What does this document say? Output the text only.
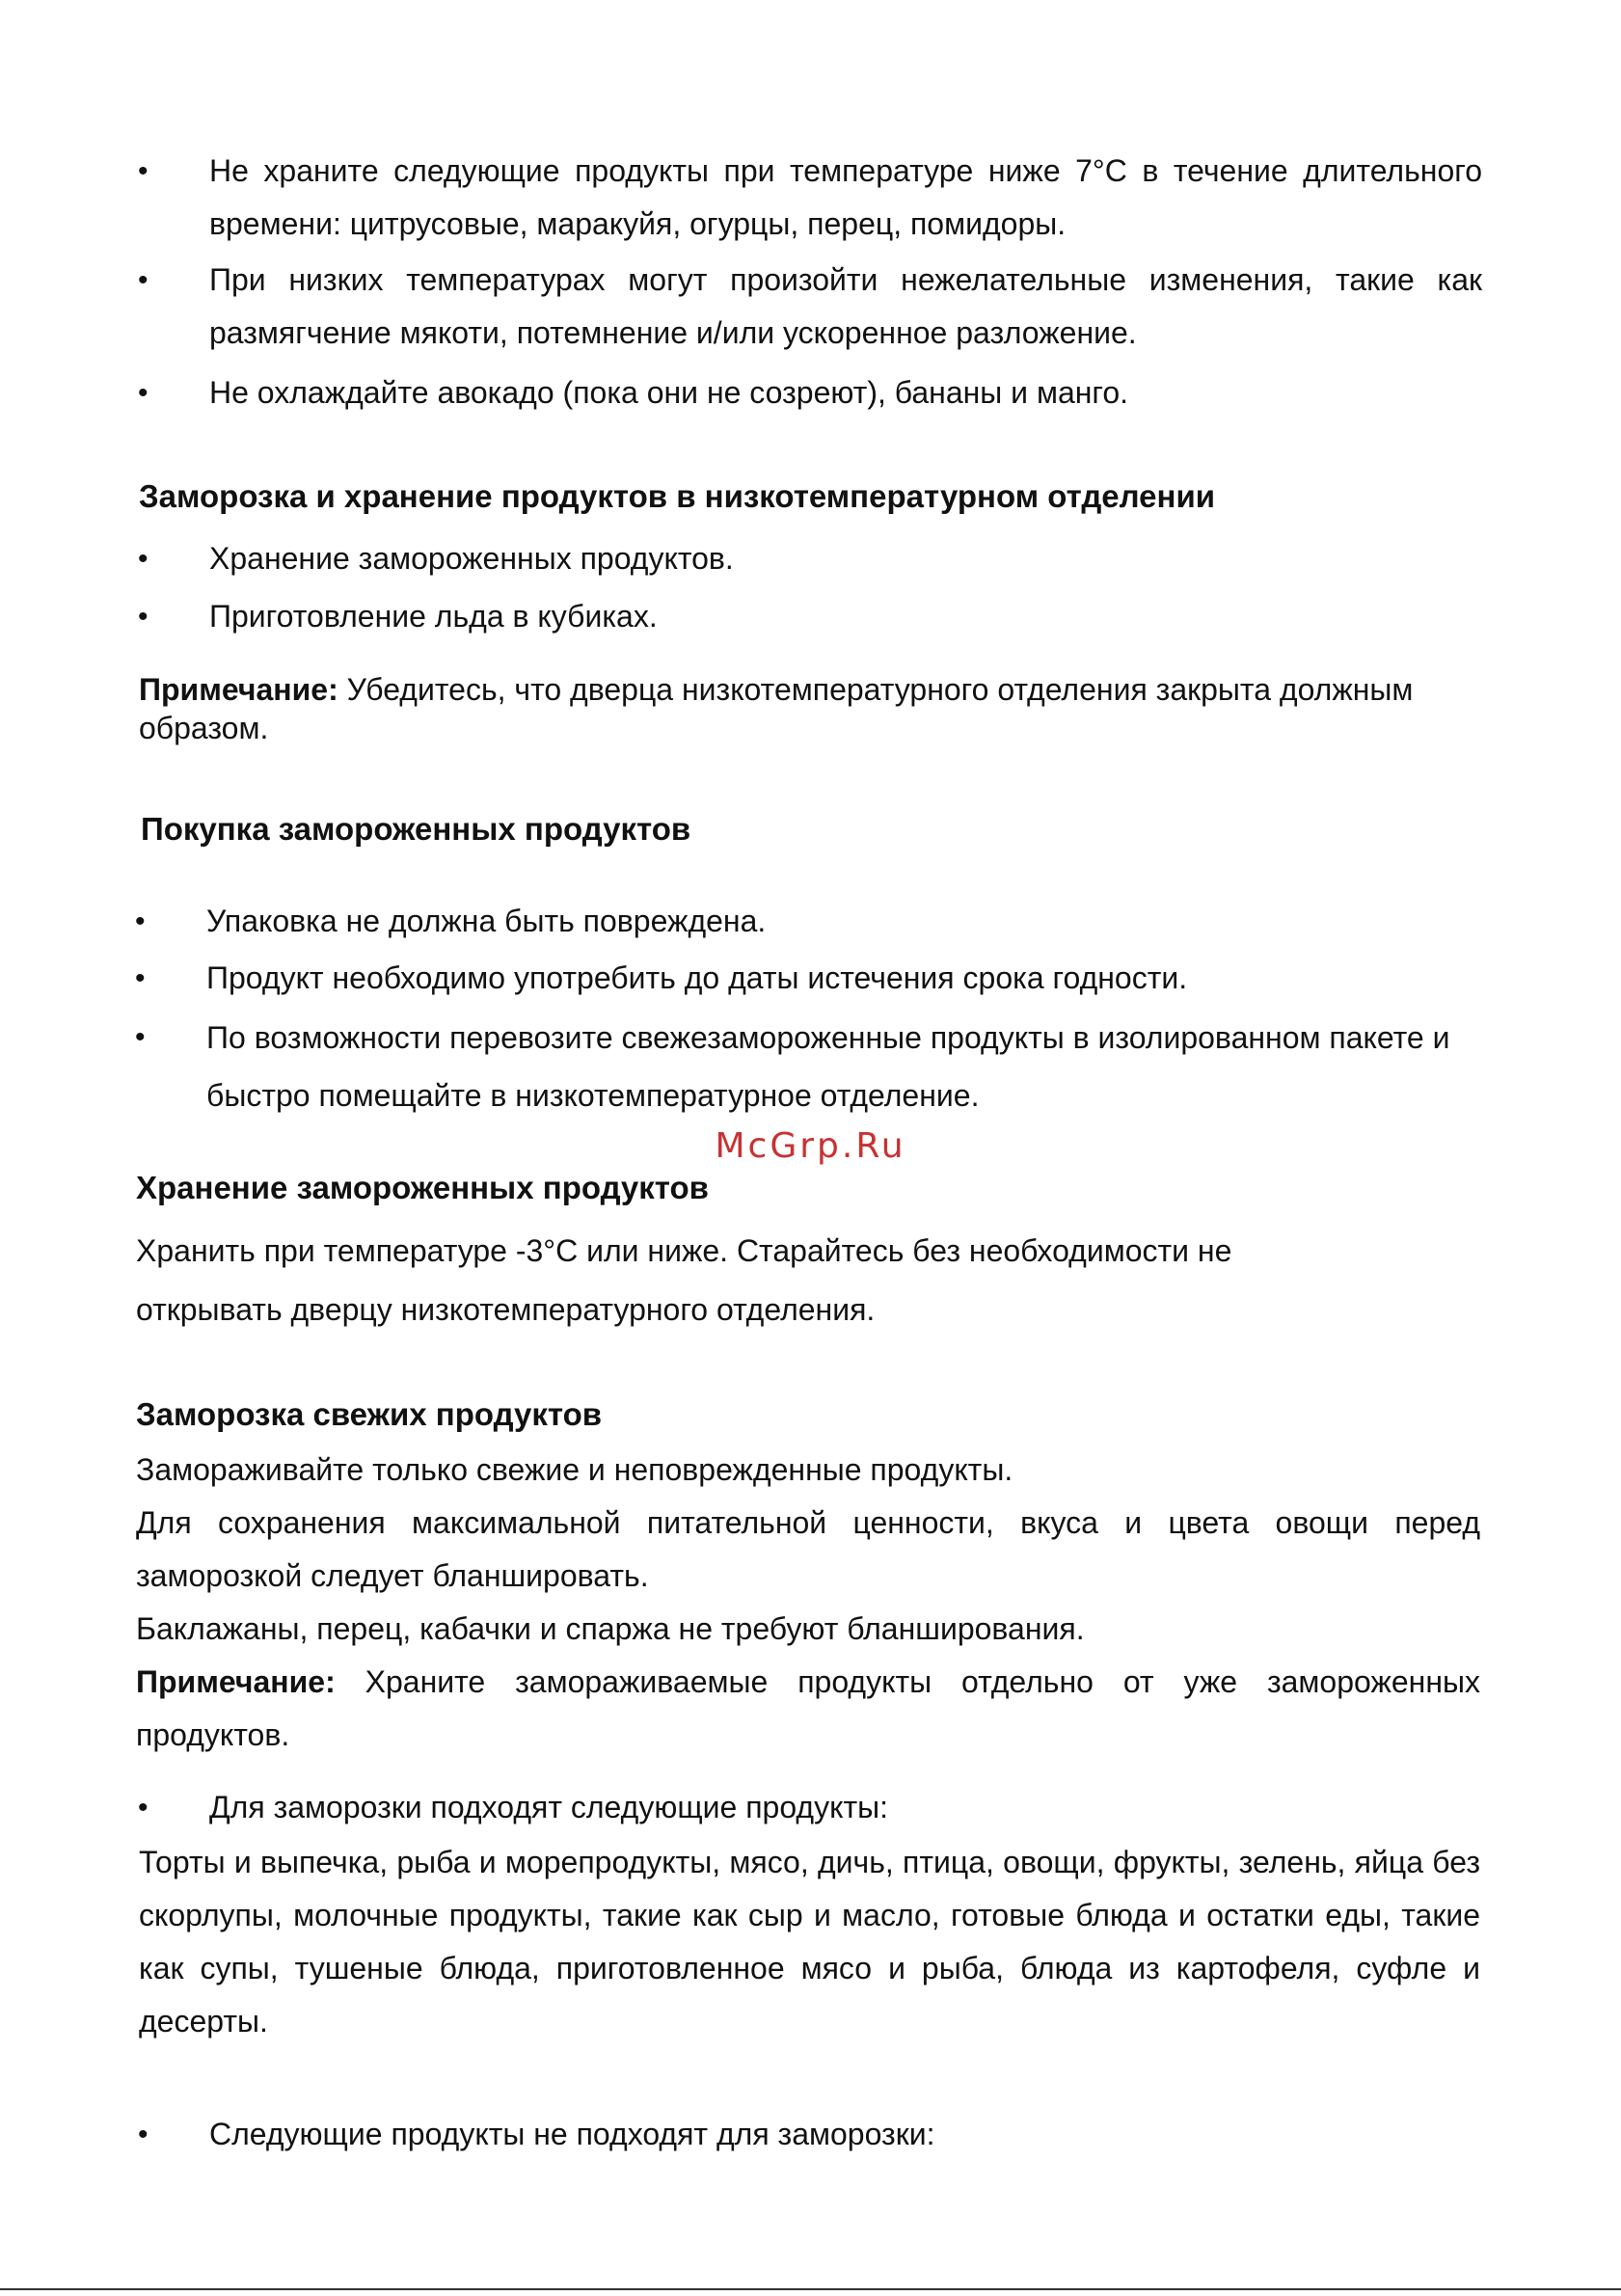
• Не храните следующие продукты при температуре ниже 7°C в течение длительного времени: цитрусовые, маракуйя, огурцы, перец, помидоры.
• При низких температурах могут произойти нежелательные изменения, такие как размягчение мякоти, потемнение и/или ускоренное разложение.
• Не охлаждайте авокадо (пока они не созреют), бананы и манго.
Заморозка и хранение продуктов в низкотемпературном отделении
• Хранение замороженных продуктов.
• Приготовление льда в кубиках.

Примечание: Убедитесь, что дверца низкотемпературного отделения закрыта должным образом.

Покупка замороженных продуктов
• Упаковка не должна быть повреждена.
• Продукт необходимо употребить до даты истечения срока годности.
• По возможности перевозите свежезамороженные продукты в изолированном пакете и быстро помещайте в низкотемпературное отделение.
McGrp.Ru
Хранение замороженных продуктов

Хранить при температуре -3°C или ниже. Старайтесь без необходимости не открывать дверцу низкотемпературного отделения.

Заморозка свежих продуктов

Замораживайте только свежие и неповрежденные продукты.

Для сохранения максимальной питательной ценности, вкуса и цвета овощи перед заморозкой следует бланшировать.

Баклажаны, перец, кабачки и спаржа не требуют бланширования.

Примечание: Храните замораживаемые продукты отдельно от уже замороженных продуктов.

• Для заморозки подходят следующие продукты:

Торты и выпечка, рыба и морепродукты, мясо, дичь, птица, овощи, фрукты, зелень, яйца без скорлупы, молочные продукты, такие как сыр и масло, готовые блюда и остатки еды, такие как супы, тушеные блюда, приготовленное мясо и рыба, блюда из картофеля, суфле и десерты.

• Следующие продукты не подходят для заморозки:
